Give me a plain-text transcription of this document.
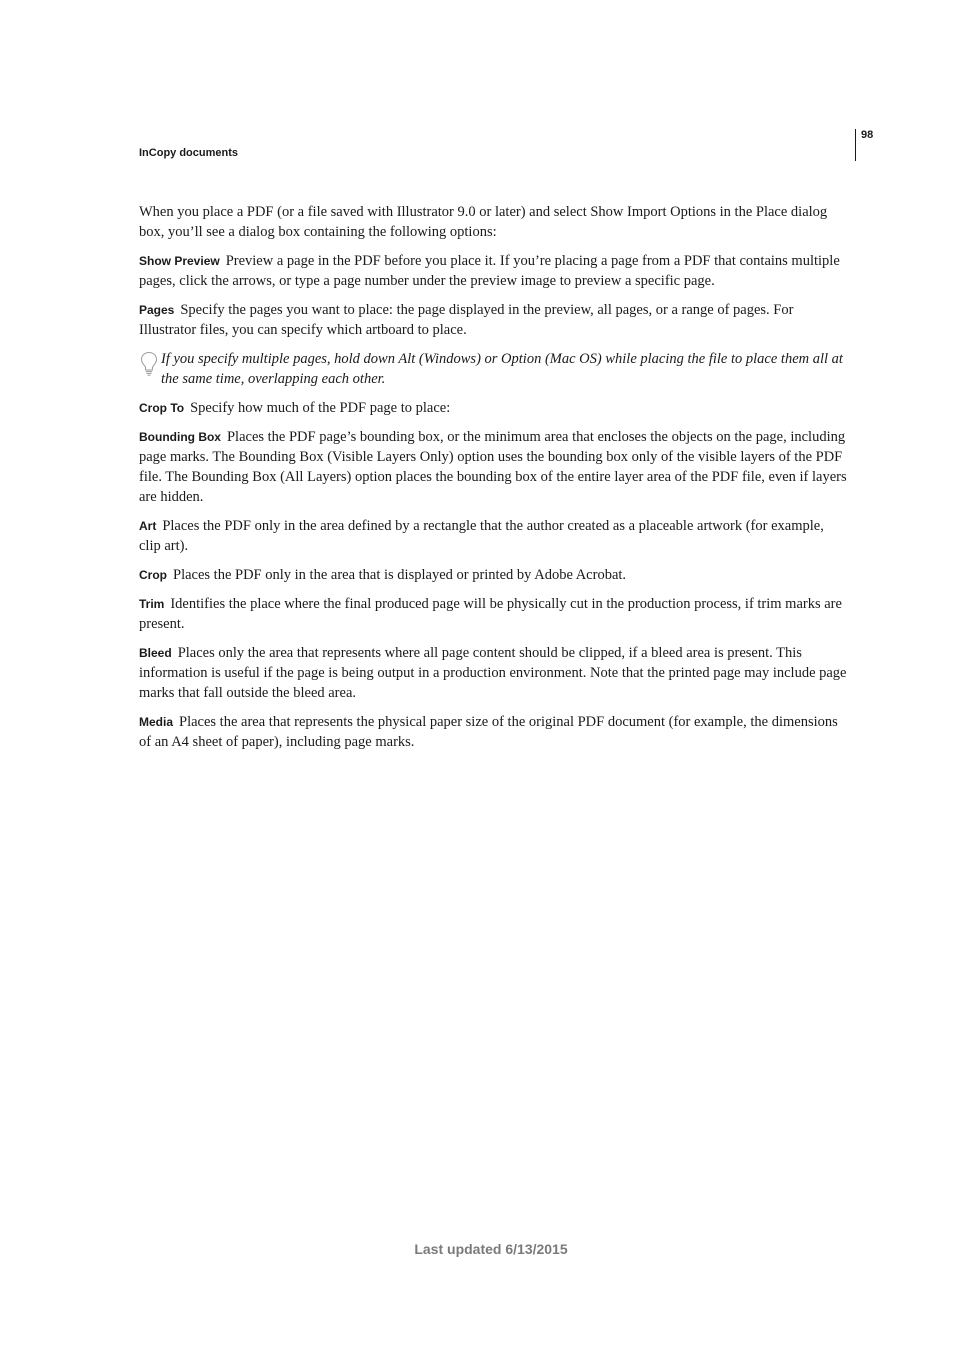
98
InCopy documents

When you place a PDF (or a file saved with Illustrator 9.0 or later) and select Show Import Options in the Place dialog box, you’ll see a dialog box containing the following options:

Show Preview Preview a page in the PDF before you place it. If you’re placing a page from a PDF that contains multiple pages, click the arrows, or type a page number under the preview image to preview a specific page.

Pages Specify the pages you want to place: the page displayed in the preview, all pages, or a range of pages. For Illustrator files, you can specify which artboard to place.

If you specify multiple pages, hold down Alt (Windows) or Option (Mac OS) while placing the file to place them all at the same time, overlapping each other.

Crop To Specify how much of the PDF page to place:

Bounding Box Places the PDF page’s bounding box, or the minimum area that encloses the objects on the page, including page marks. The Bounding Box (Visible Layers Only) option uses the bounding box only of the visible layers of the PDF file. The Bounding Box (All Layers) option places the bounding box of the entire layer area of the PDF file, even if layers are hidden.

Art Places the PDF only in the area defined by a rectangle that the author created as a placeable artwork (for example, clip art).

Crop Places the PDF only in the area that is displayed or printed by Adobe Acrobat.

Trim Identifies the place where the final produced page will be physically cut in the production process, if trim marks are present.

Bleed Places only the area that represents where all page content should be clipped, if a bleed area is present. This information is useful if the page is being output in a production environment. Note that the printed page may include page marks that fall outside the bleed area.

Media Places the area that represents the physical paper size of the original PDF document (for example, the dimensions of an A4 sheet of paper), including page marks.

Last updated 6/13/2015
